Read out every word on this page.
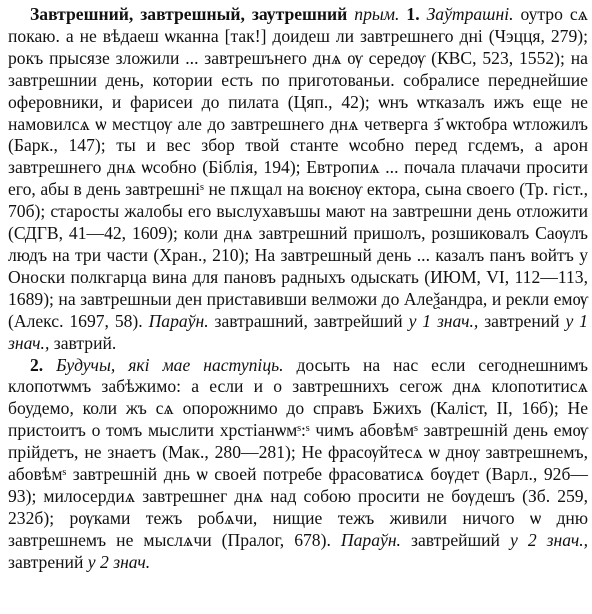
Завтрешний, завтрешный, заутрешний прым. 1. Заўтрашні. оутро сѧ покаю. а не вѣдаеш ѡканна [так!] доидеш ли завтрешнего дні (Чэцця, 279); рокъ прысязе зложили ... завтрешънего днѧ ѹ середѹ (КВС, 523, 1552); на завтрешнии день, котории есть по приготованьи. собралисе переднейшие оферовники, и фарисеи до пилата (Цяп., 42); ѡнъ ѡтказалъ ижъ еще не намовилсѧ ѡ местцѹ але до завтрешнего днѧ четверга з҃ ѡктобра ѡтложилъ (Барк., 147); ты и вес збор твой станте ѡсобно перед гсдемъ, а арон завтрешнего днѧ ѡсобно (Біблія, 194); Евтропиѧ ... почала плачачи просити его, абы в день завтрешнiˢ не пѫщал на воѥнѹ ектора, сына своего (Тр. гіст., 70б); старосты жалобы его выслухавъшы мают на завтрешни день отложити (СДГВ, 41—42, 1609); коли днѧ завтрешний пришолъ, розшиковалъ Саѹлъ людъ на три части (Хран., 210); На завтрешный день ... казалъ панъ войтъ у Оноски полкгарца вина для пановъ радныхъ одыскать (ИЮМ, VI, 112—113, 1689); на завтрешныи ден приставивши велможи до Алеѯандра, и рекли емѹ (Алекс. 1697, 58). Параўн. завтрашний, завтрейший у 1 знач., завтрений у 1 знач., завтрий.

2. Будучы, які мае наступіць. досыть на наc если сегоднешнимъ клопотѡмъ забѣжимо: а если и о завтрешнихъ сегож днѧ клопотитисѧ боудемо, коли жъ сѧ опорожнимо до справъ Бжихъ (Каліст, II, 16б); Не пристоитъ о томъ мыслити хрстіанѡмˢ:ˢ чимъ абовѣмˢ завтрешній день емѹ прійдетъ, не знаетъ (Мак., 280—281); Не фрасѹйтесѧ ѡ днѹ завтрешнемъ, абовѣмˢ завтрешній днь ѡ своей потребе фрасоватисѧ бѹдет (Варл., 92б—93); милосердиѧ завтрешнег днѧ над собою просити не бѹдешъ (Зб. 259, 232б); рѹками тежъ робѧчи, нищие тежъ живили ничого ѡ дню завтрешнемъ не мыслѧчи (Пралог, 678). Параўн. завтрейший у 2 знач., завтрений у 2 знач.
